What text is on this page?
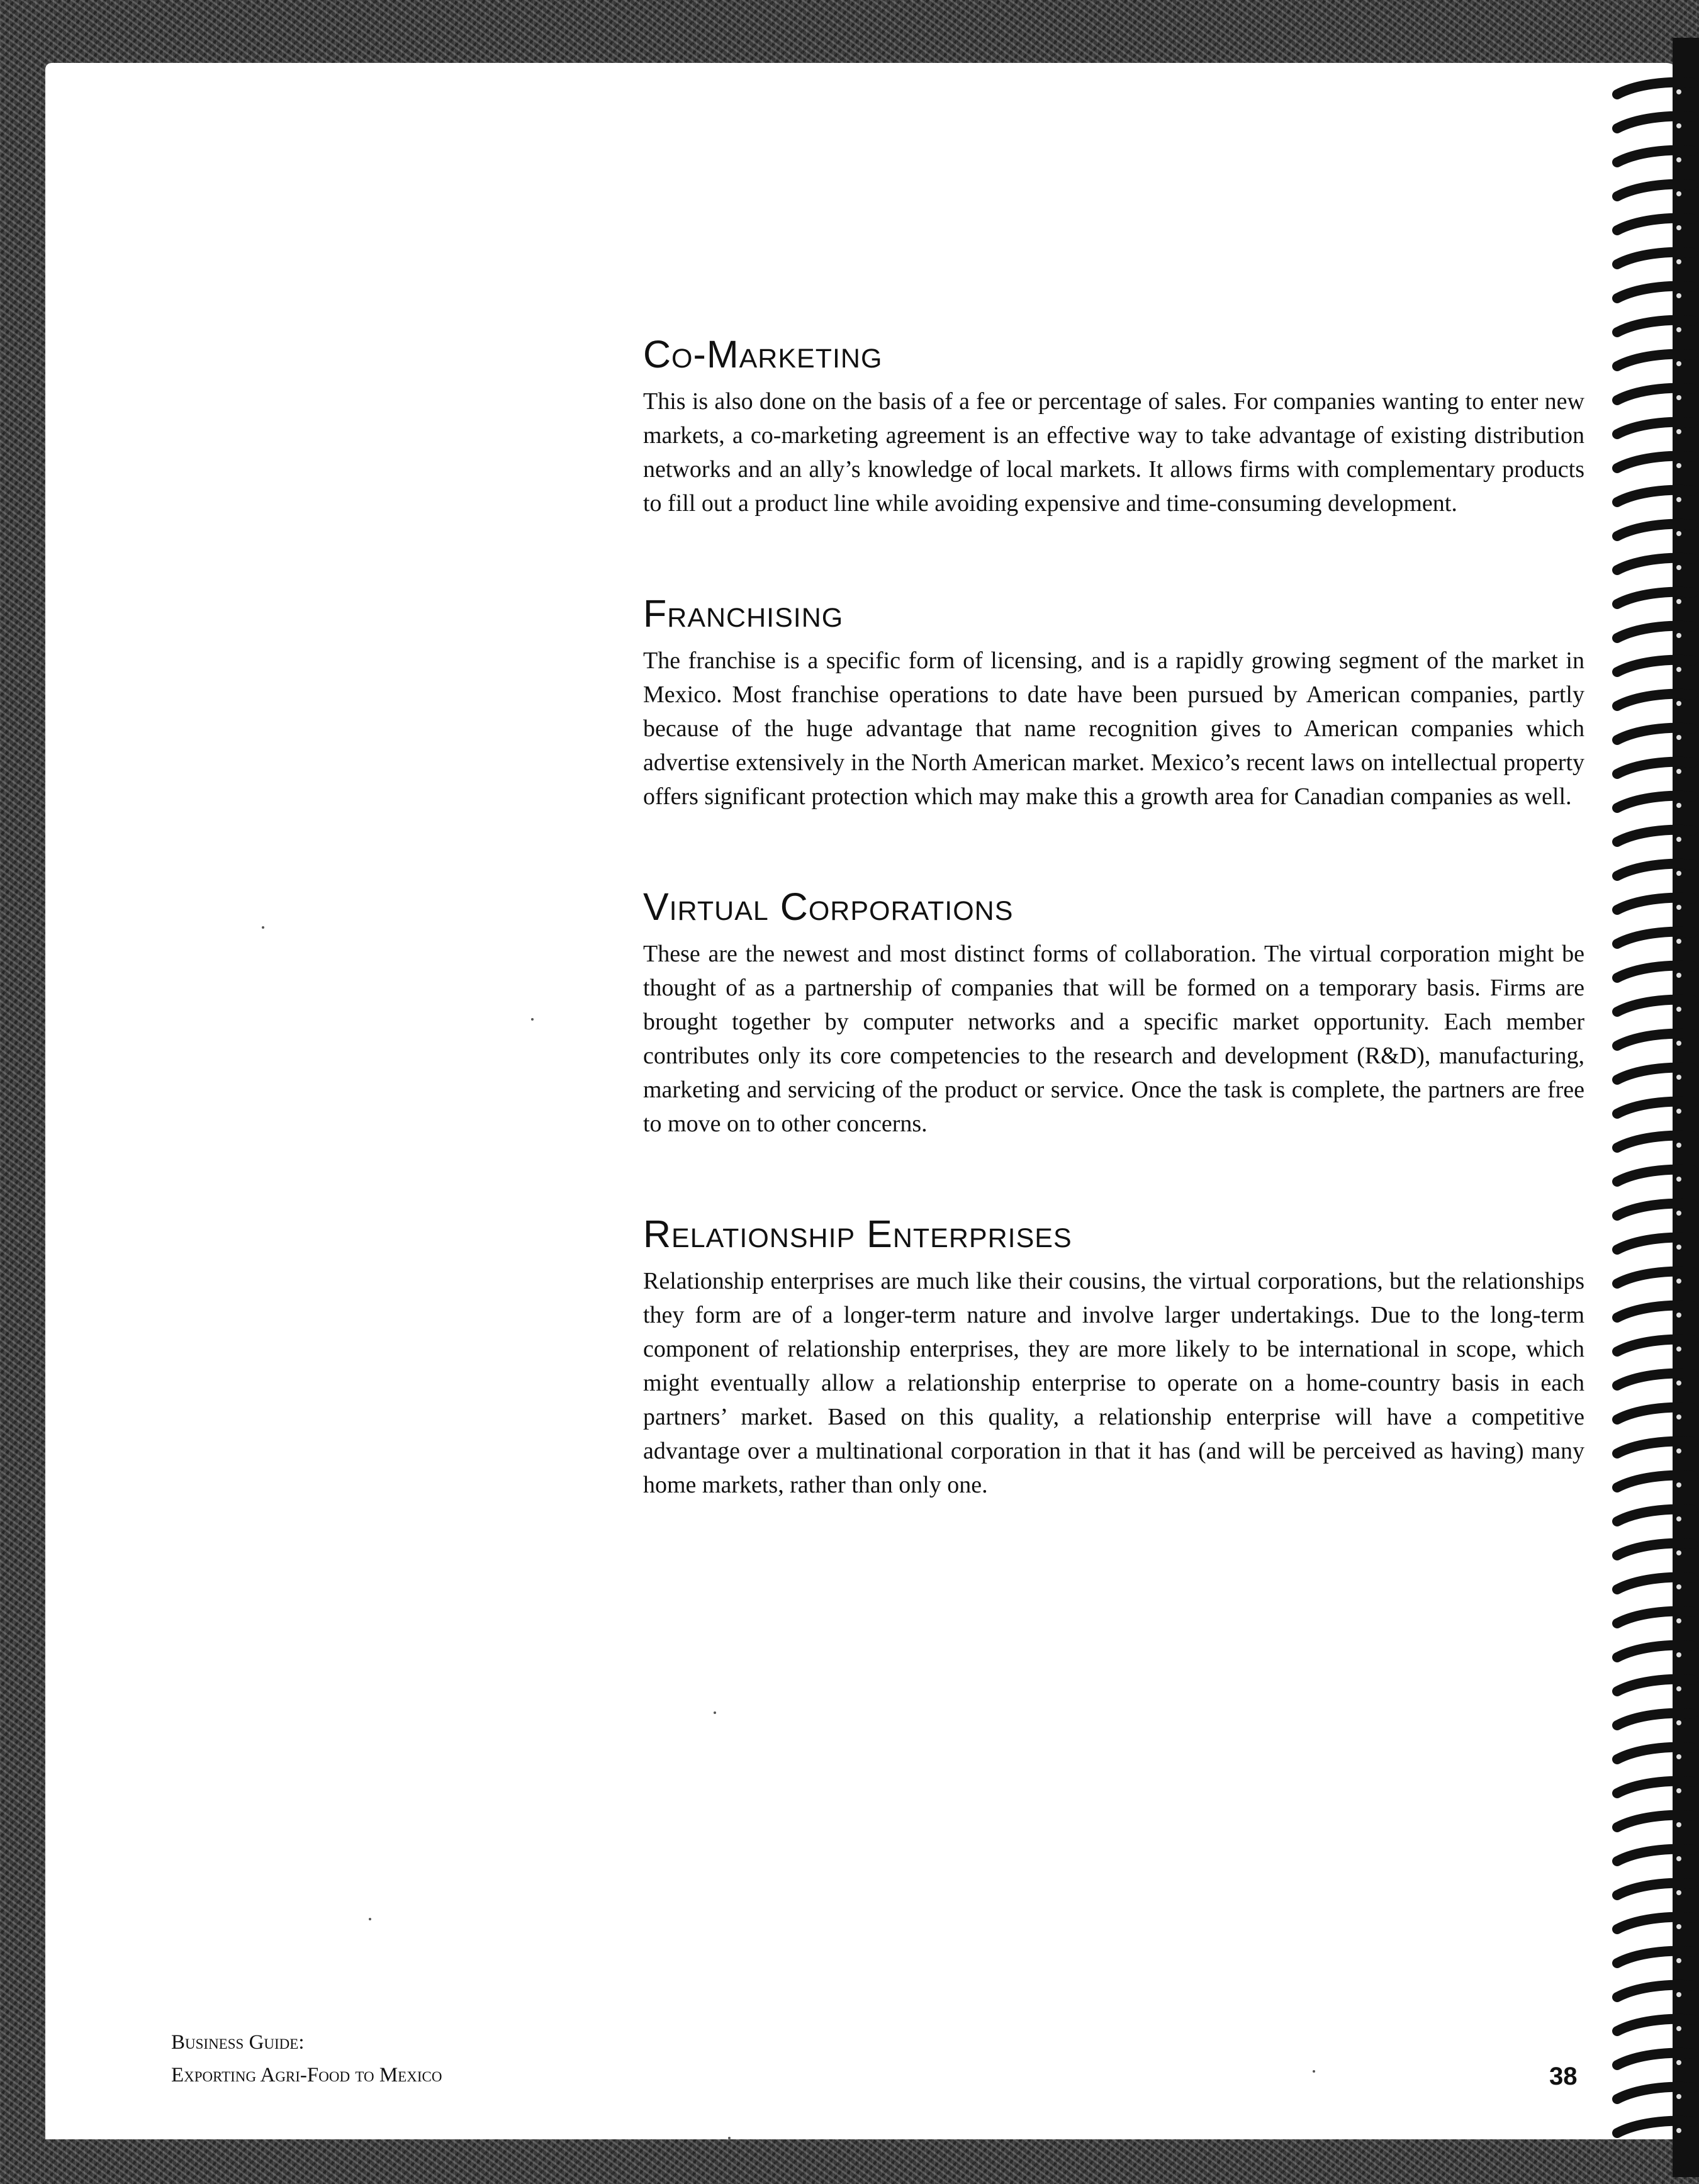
Co-Marketing

This is also done on the basis of a fee or percentage of sales. For companies wanting to enter new markets, a co-marketing agreement is an effective way to take advantage of existing distribution networks and an ally’s knowledge of local markets. It allows firms with complementary products to fill out a product line while avoiding expensive and time-consuming development.

Franchising

The franchise is a specific form of licensing, and is a rapidly growing segment of the market in Mexico. Most franchise operations to date have been pursued by American companies, partly because of the huge advantage that name recognition gives to American companies which advertise extensively in the North American market. Mexico’s recent laws on intellectual property offers significant protection which may make this a growth area for Canadian companies as well.

Virtual Corporations

These are the newest and most distinct forms of collaboration. The virtual corporation might be thought of as a partnership of companies that will be formed on a temporary basis. Firms are brought together by computer networks and a specific market opportunity. Each member contributes only its core competencies to the research and development (R&D), manufacturing, marketing and servicing of the product or service. Once the task is complete, the partners are free to move on to other concerns.

Relationship Enterprises

Relationship enterprises are much like their cousins, the virtual corporations, but the relationships they form are of a longer-term nature and involve larger undertakings. Due to the long-term component of relationship enterprises, they are more likely to be international in scope, which might eventually allow a relationship enterprise to operate on a home-country basis in each partners’ market. Based on this quality, a relationship enterprise will have a competitive advantage over a multinational corporation in that it has (and will be perceived as having) many home markets, rather than only one.

Business Guide:
Exporting Agri-Food to Mexico	38
